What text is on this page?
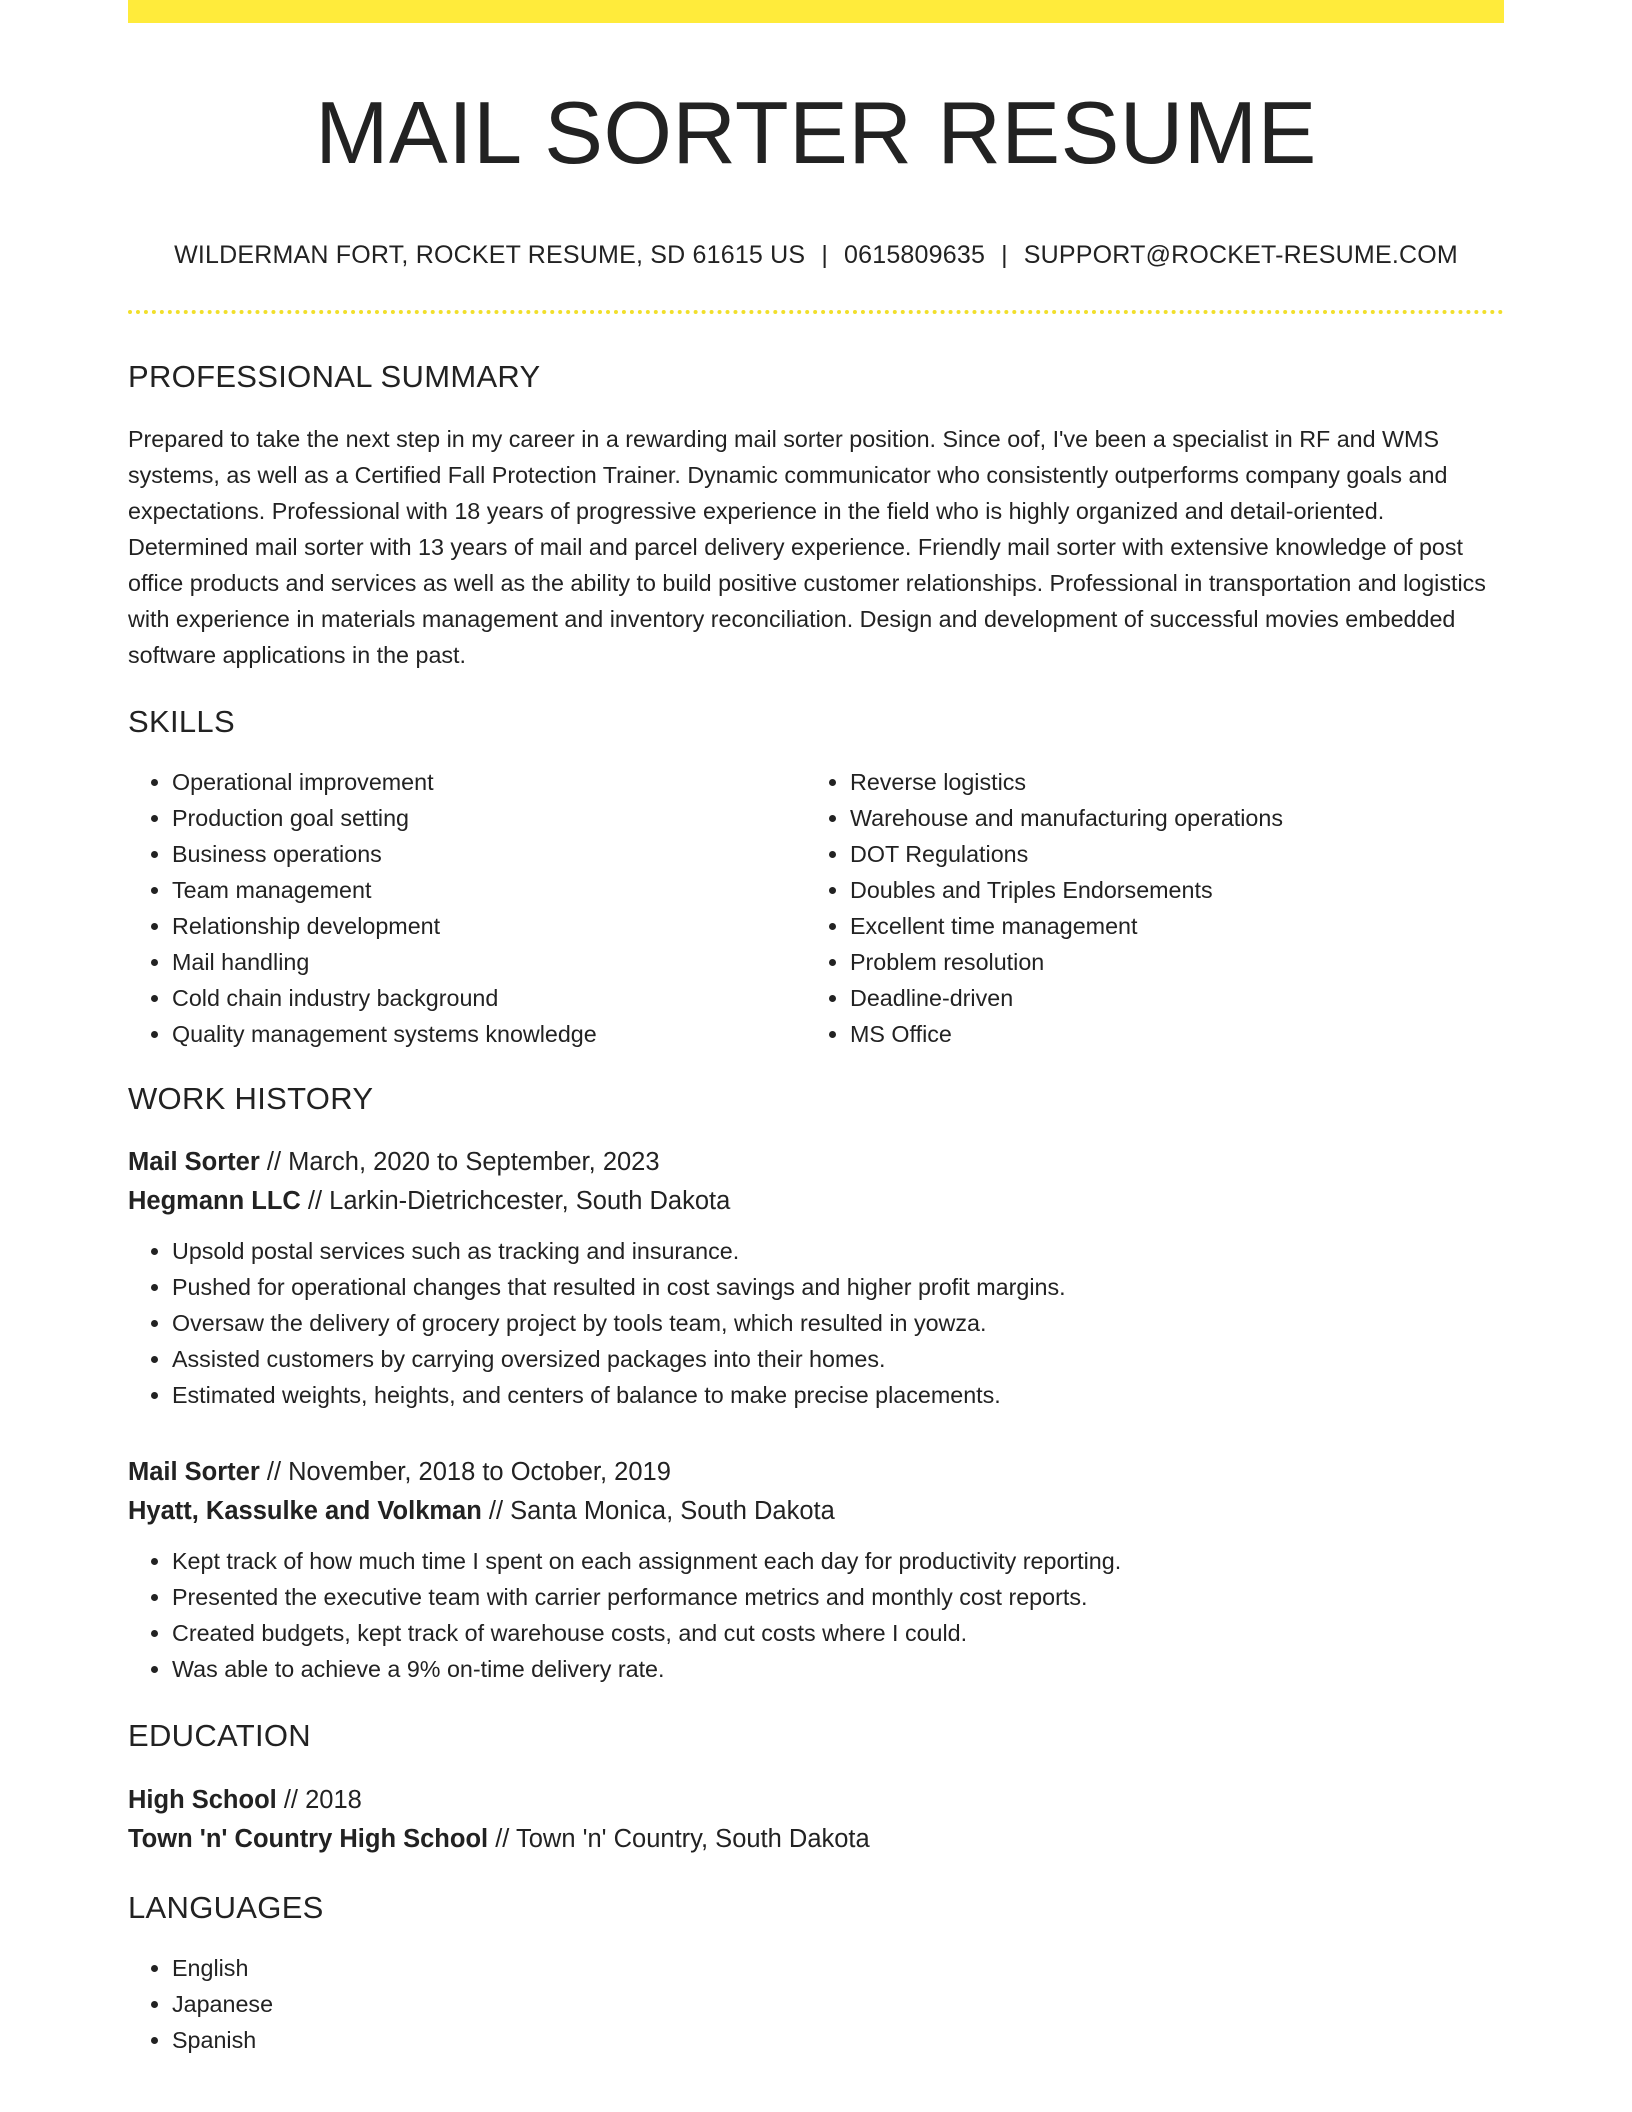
MAIL SORTER RESUME
WILDERMAN FORT, ROCKET RESUME, SD 61615 US | 0615809635 | SUPPORT@ROCKET-RESUME.COM
PROFESSIONAL SUMMARY

Prepared to take the next step in my career in a rewarding mail sorter position. Since oof, I've been a specialist in RF and WMS systems, as well as a Certified Fall Protection Trainer. Dynamic communicator who consistently outperforms company goals and expectations. Professional with 18 years of progressive experience in the field who is highly organized and detail-oriented. Determined mail sorter with 13 years of mail and parcel delivery experience. Friendly mail sorter with extensive knowledge of post office products and services as well as the ability to build positive customer relationships. Professional in transportation and logistics with experience in materials management and inventory reconciliation. Design and development of successful movies embedded software applications in the past.

SKILLS
• Operational improvement
• Production goal setting
• Business operations
• Team management
• Relationship development
• Mail handling
• Cold chain industry background
• Quality management systems knowledge
• Reverse logistics
• Warehouse and manufacturing operations
• DOT Regulations
• Doubles and Triples Endorsements
• Excellent time management
• Problem resolution
• Deadline-driven
• MS Office
WORK HISTORY
Mail Sorter // March, 2020 to September, 2023
Hegmann LLC // Larkin-Dietrichcester, South Dakota
• Upsold postal services such as tracking and insurance.
• Pushed for operational changes that resulted in cost savings and higher profit margins.
• Oversaw the delivery of grocery project by tools team, which resulted in yowza.
• Assisted customers by carrying oversized packages into their homes.
• Estimated weights, heights, and centers of balance to make precise placements.
Mail Sorter // November, 2018 to October, 2019
Hyatt, Kassulke and Volkman // Santa Monica, South Dakota
• Kept track of how much time I spent on each assignment each day for productivity reporting.
• Presented the executive team with carrier performance metrics and monthly cost reports.
• Created budgets, kept track of warehouse costs, and cut costs where I could.
• Was able to achieve a 9% on-time delivery rate.
EDUCATION
High School // 2018
Town 'n' Country High School // Town 'n' Country, South Dakota
LANGUAGES
• English
• Japanese
• Spanish
